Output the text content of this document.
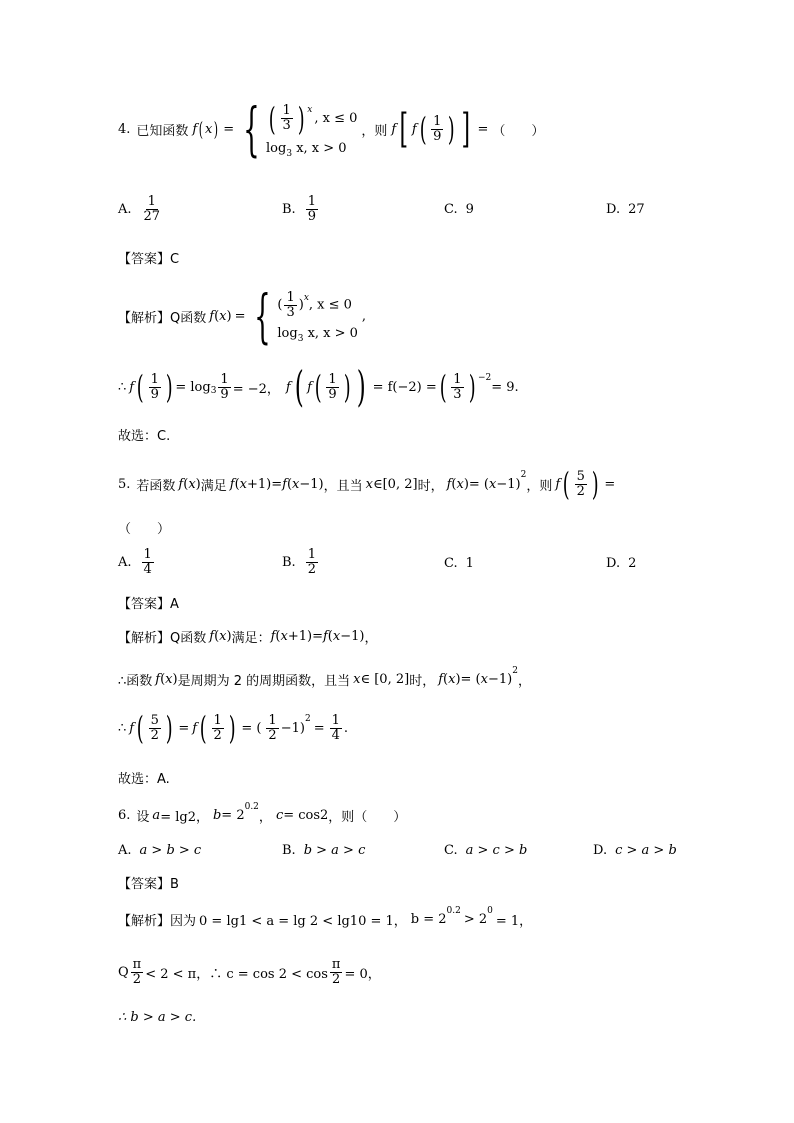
4. 已知函数 f ( x ) = { ( $\frac{1}{3}$ ) x
, x ≤ 0
$\log_3 x$, x > 0
，则 f [ f ( $\frac{1}{9}$ ) ] = （　　）
A. $\frac{1}{27}$	B. $\frac{1}{9}$	C. 9	D. 27
【答案】C
【解析】 Q函数 f ( x ) = { ( $\frac{1}{3} )^x$, x ≤ 0
$\log_3 x$, x > 0
,
∴ f ( $\frac{1}{9}$ ) = $\log 3 \frac{1}{9} = -2$， f ( f ( $\frac{1}{9}$ ) ) = f(−2) = ( $\frac{1}{3}$ ) −2
= 9.
故选：C.
5. 若函数 f ( x ) 满足 f ( x +1 ) = f ( x −1 ) ，且当 x ∈ [0, 2] 时， f ( x ) = ( x −1)
2
，则 f ( $\frac{5}{2}$ ) =
（　　）
A. $\frac{1}{4}$	B. $\frac{1}{2}$	C. 1	D. 2
【答案】A
【解析】 Q函数 f ( x ) 满足： f ( x +1 ) = f ( x −1 ) ，
∴函数 f ( x ) 是周期为 2 的周期函数，且当 x ∈ [0, 2] 时， f ( x ) = ( x −1)
2
，
∴ f ( $\frac{5}{2}$ ) = f ( $\frac{1}{2}$ ) = ( $\frac{1}{2} -1$)
2
= $\frac{1}{4}$ .
故选：A.
6. 设 a = lg2， b = 2
0.2
， c = cos2 ，则（　　）
A. a > b > c	B. b > a > c	C. a > c > b	D. c > a > b
【答案】B
【解析】 因为 0 = lg1 < a = lg 2 < lg10 = 1， b = 2
0.2
> 2
0
= 1，
Q $\frac{\pi}{2} < 2 < \pi$，∴ $c = \cos 2 < \cos \frac{\pi}{2} = 0$，
∴ b > a > c.
